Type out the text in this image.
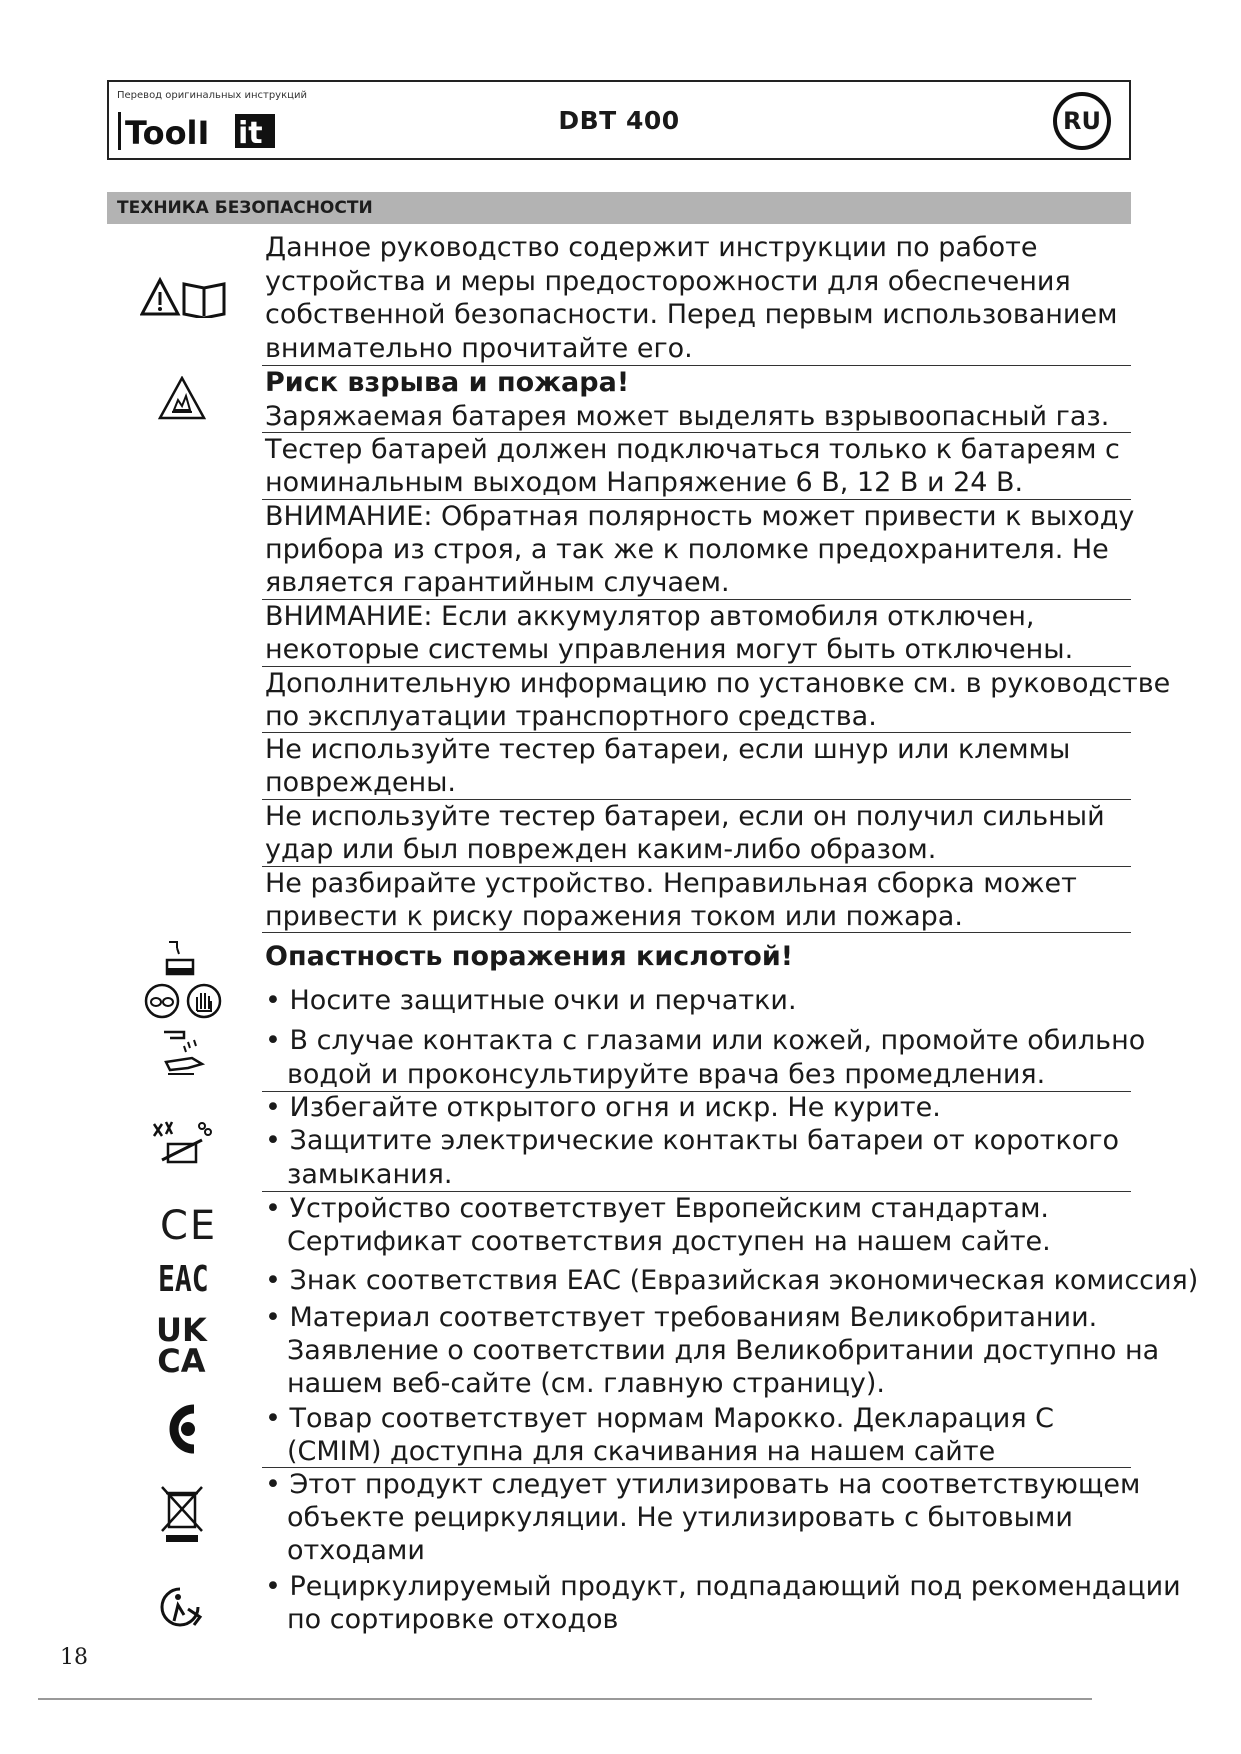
Перевод оригинальных инструкций
ToolI it	DBT 400	RU
ТЕХНИКА БЕЗОПАСНОСТИ
Данное руководство содержит инструкции по работе
устройства и меры предосторожности для обеспечения
собственной безопасности. Перед первым использованием
внимательно прочитайте его.
Риск взрыва и пожара!
Заряжаемая батарея может выделять взрывоопасный газ.
Тестер батарей должен подключаться только к батареям с
номинальным выходом Напряжение 6 В, 12 В и 24 В.
ВНИМАНИЕ: Обратная полярность может привести к выходу
прибора из строя, а так же к поломке предохранителя. Не
является гарантийным случаем.
ВНИМАНИЕ: Если аккумулятор автомобиля отключен,
некоторые системы управления могут быть отключены.
Дополнительную информацию по установке см. в руководстве
по эксплуатации транспортного средства.
Не используйте тестер батареи, если шнур или клеммы
повреждены.
Не используйте тестер батареи, если он получил сильный
удар или был поврежден каким-либо образом.
Не разбирайте устройство. Неправильная сборка может
привести к риску поражения током или пожара.
Опастность поражения кислотой!
• Носите защитные очки и перчатки.
• В случае контакта с глазами или кожей, промойте обильно
водой и проконсультируйте врача без промедления.
• Избегайте открытого огня и искр. Не курите.
• Защитите электрические контакты батареи от короткого
замыкания.
CE • Устройство соответствует Европейским стандартам.
Сертификат соответствия доступен на нашем сайте.
EAC • Знак соответствия ЕАС (Евразийская экономическая комиссия)
UK
CA
• Материал соответствует требованиям Великобритании.
Заявление о соответствии для Великобритании доступно на
нашем веб-сайте (см. главную страницу).
• Товар соответствует нормам Марокко. Декларация C
(CMIM) доступна для скачивания на нашем сайте
• Этот продукт следует утилизировать на соответствующем
объекте рециркуляции. Не утилизировать с бытовыми
отходами
• Рециркулируемый продукт, подпадающий под рекомендации
по сортировке отходов
18
